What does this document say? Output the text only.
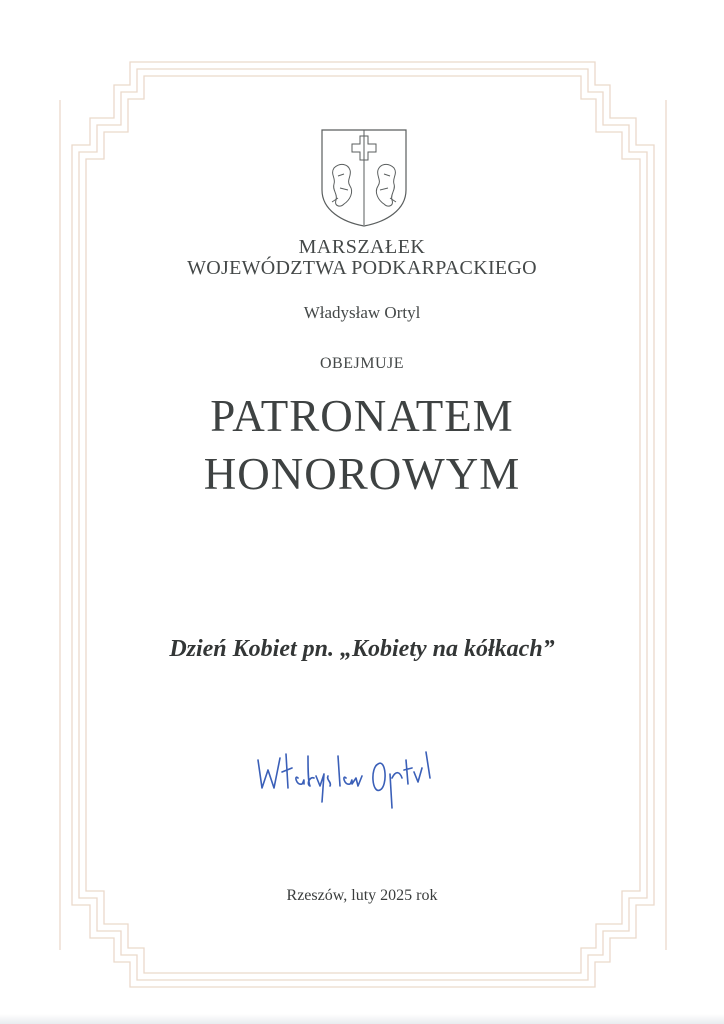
MARSZAŁEK

WOJEWÓDZTWA PODKARPACKIEGO

Władysław Ortyl

OBEJMUJE

PATRONATEM

HONOROWYM

Dzień Kobiet pn. „Kobiety na kółkach”

Rzeszów, luty 2025 rok
